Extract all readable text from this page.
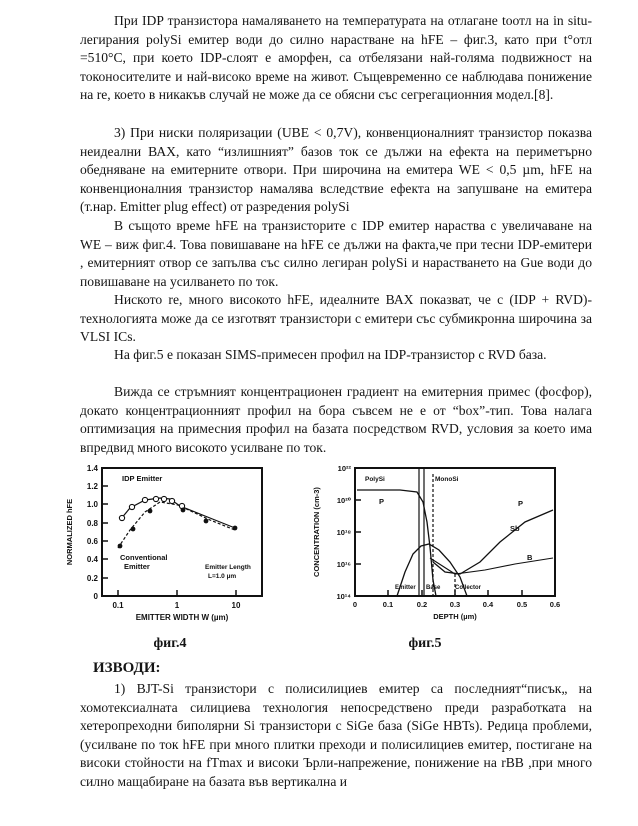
При IDP транзистора намаляването на температурата на отлагане tоотл на in situ-легирания polySi емитер води до силно нарастване на hFE – фиг.3, като при t°отл =510°C, при което IDP-слоят е аморфен, са отбелязани най-голяма подвижност на токоносителите и най-високо време на живот. Същевременно се наблюдава понижение на re, което в никакъв случай не може да се обясни със сегрегационния модел.[8].

3) При ниски поляризации (UBE < 0,7V), конвенционалният транзистор показва неидеални ВАХ, като “излишният” базов ток се дължи на ефекта на периметърно обедняване на емитерните отвори. При широчина на емитера WE < 0,5 µm, hFE на конвенционалния транзистор намалява вследствие ефекта на запушване на емитера (т.нар. Emitter plug effect) от разредения polySi

В същото време hFE на транзисторите с IDP емитер нараства с увеличаване на WE – виж фиг.4. Това повишаване на hFE се дължи на факта,че при тесни IDP-емитери , емитерният отвор се запълва със силно легиран polySi и нарастването на Gue води до повишаване на усилването по ток.

Ниското re, много високото hFE, идеалните ВАХ показват, че с (IDP + RVD)-технологията може да се изготвят транзистори с емитери със субмикронна широчина за VLSI ICs.

На фиг.5 е показан SIMS-примесен профил на IDP-транзистор с RVD база.

Вижда се стръмният концентрационен градиент на емитерния примес (фосфор), докато концентрационният профил на бора съвсем не е от “box”-тип. Това налага оптимизация на примесния профил на базата посредством RVD, условия за което има впредвид много високото усилване по ток.

1.4
1.2
1.0
0.8
0.6
0.4
0.2
0
0.1	1	10
EMITTER WIDTH W (µm)
NORMALIZED hFE
IDP Emitter
Conventional
Emitter	Emitter Length
L=1.0 µm
фиг.4
10²²
10²⁰
10¹⁸
10¹⁶
10¹⁴
0	0.1	0.2	0.3	0.4	0.5	0.6
DEPTH (µm)
CONCENTRATION (cm-3)
PolySi	MonoSi
P	P
Sb
B
Emitter Base Collector
фиг.5
ИЗВОДИ:

1) BJT-Si транзистори с полисилициев емитер са последният“писък„ на хомотексиалната силициева технология непосредствено преди разработката на хетеропреходни биполярни Si транзистори с SiGe база (SiGe HBTs). Редица проблеми,(усилване по ток hFE при много плитки преходи и полисилициев емитер, постигане на високи стойности на fTmax и високи Ърли-напрежение, понижение на rBB ,при много силно мащабиране на базата във вертикална и
